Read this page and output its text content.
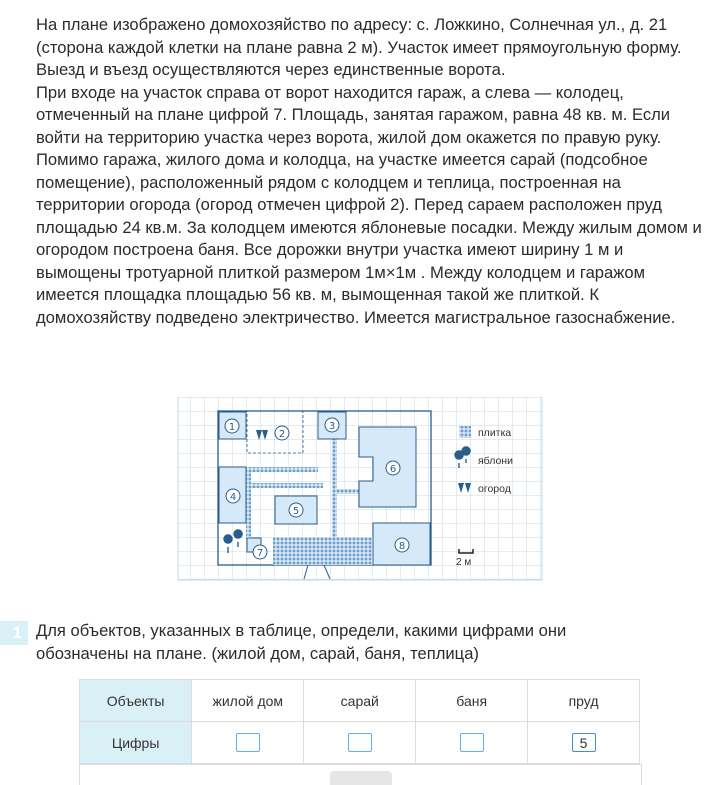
На плане изображено домохозяйство по адресу: с. Ложкино, Солнечная ул., д. 21 (сторона каждой клетки на плане равна 2 м). Участок имеет прямоугольную форму. Выезд и въезд осуществляются через единственные ворота.

При входе на участок справа от ворот находится гараж, а слева — колодец, отмеченный на плане цифрой 7. Площадь, занятая гаражом, равна 48 кв. м. Если войти на территорию участка через ворота, жилой дом окажется по правую руку. Помимо гаража, жилого дома и колодца, на участке имеется сарай (подсобное помещение), расположенный рядом с колодцем и теплица, построенная на территории огорода (огород отмечен цифрой 2). Перед сараем расположен пруд площадью 24 кв.м. За колодцем имеются яблоневые посадки. Между жилым домом и огородом построена баня. Все дорожки внутри участка имеют ширину 1 м и вымощены тротуарной плиткой размером 1м×1м . Между колодцем и гаражом имеется площадка площадью 56 кв. м, вымощенная такой же плиткой. К домохозяйству подведено электричество. Имеется магистральное газоснабжение.

1
2
3
6
4
5
7
8
плитка
яблони
огород
2 м
1 Для объектов, указанных в таблице, определи, какими цифрами они обозначены на плане. (жилой дом, сарай, баня, теплица)
Объекты	жилой дом	сарай	баня	пруд
Цифры				5
